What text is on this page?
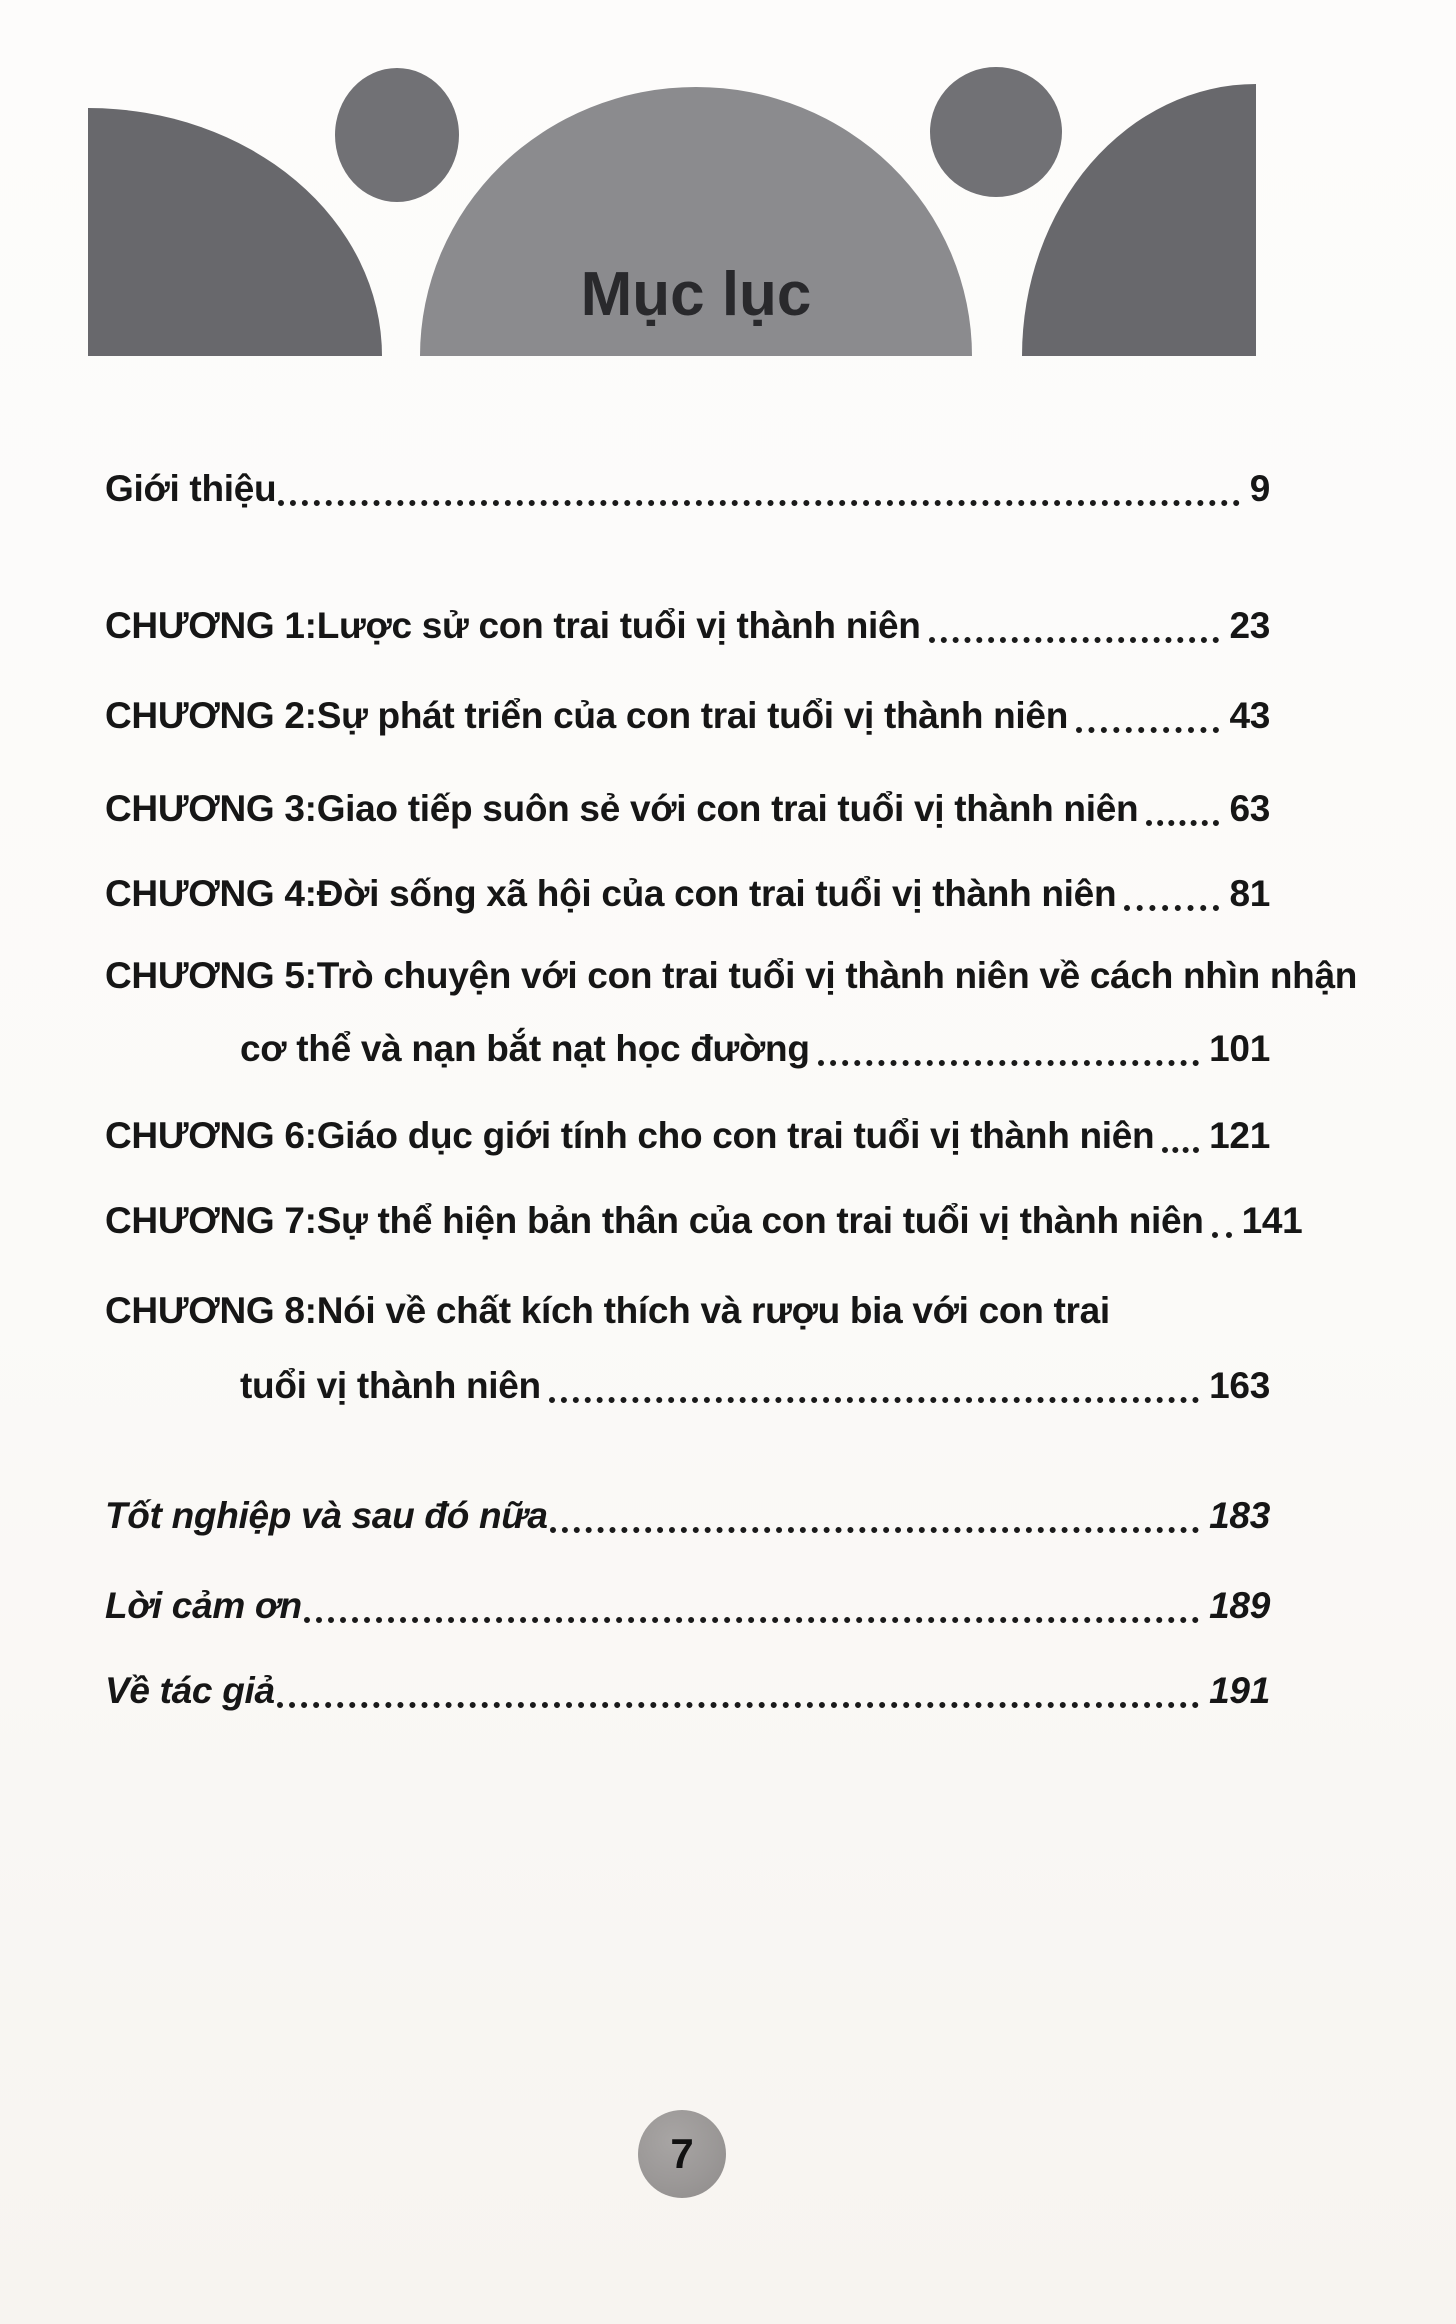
Mục lục
Giới thiệu	9
CHƯƠNG 1: Lược sử con trai tuổi vị thành niên	23
CHƯƠNG 2: Sự phát triển của con trai tuổi vị thành niên	43
CHƯƠNG 3: Giao tiếp suôn sẻ với con trai tuổi vị thành niên 63
CHƯƠNG 4: Đời sống xã hội của con trai tuổi vị thành niên	81
CHƯƠNG 5: Trò chuyện với con trai tuổi vị thành niên về cách nhìn nhận
cơ thể và nạn bắt nạt học đường	101
CHƯƠNG 6: Giáo dục giới tính cho con trai tuổi vị thành niên 121
CHƯƠNG 7: Sự thể hiện bản thân của con trai tuổi vị thành niên 141
CHƯƠNG 8: Nói về chất kích thích và rượu bia với con trai
tuổi vị thành niên	163
Tốt nghiệp và sau đó nữa	183
Lời cảm ơn	189
Về tác giả	191
7
